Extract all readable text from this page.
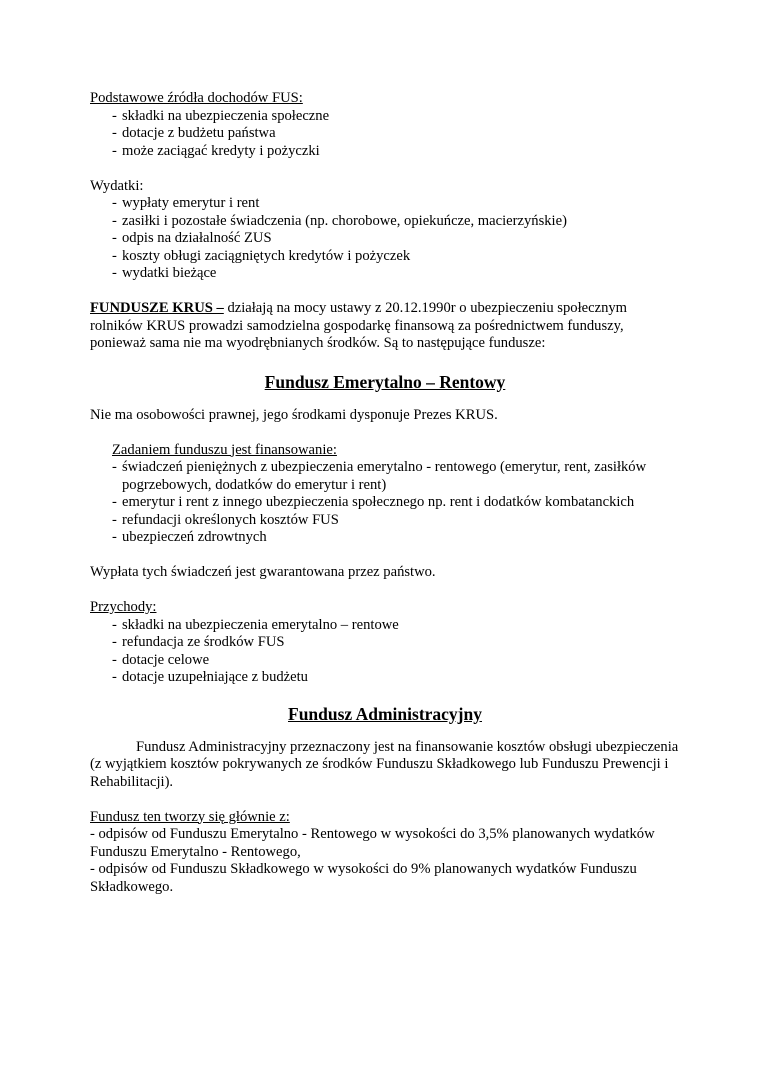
Podstawowe źródła dochodów FUS:

- składki na ubezpieczenia społeczne
- dotacje z budżetu państwa
- może zaciągać kredyty i pożyczki

Wydatki:

- wypłaty emerytur i rent
- zasiłki i pozostałe świadczenia (np. chorobowe, opiekuńcze, macierzyńskie)
- odpis na działalność ZUS
- koszty obługi zaciągniętych kredytów i pożyczek
- wydatki bieżące

FUNDUSZE KRUS – działają na mocy ustawy z 20.12.1990r o ubezpieczeniu społecznym rolników KRUS prowadzi samodzielna gospodarkę finansową za pośrednictwem funduszy, ponieważ sama nie ma wyodrębnianych środków. Są to następujące fundusze:

Fundusz Emerytalno – Rentowy

Nie ma osobowości prawnej, jego środkami dysponuje Prezes KRUS.

Zadaniem funduszu jest finansowanie:

- świadczeń pieniężnych z ubezpieczenia emerytalno - rentowego (emerytur, rent, zasiłków pogrzebowych, dodatków do emerytur i rent)
- emerytur i rent z innego ubezpieczenia społecznego np. rent i dodatków kombatanckich
- refundacji określonych kosztów FUS
- ubezpieczeń zdrowtnych

Wypłata tych świadczeń jest gwarantowana przez państwo.

Przychody:

- składki na ubezpieczenia emerytalno – rentowe
- refundacja ze środków FUS
- dotacje celowe
- dotacje uzupełniające z budżetu
Fundusz Administracyjny

Fundusz Administracyjny przeznaczony jest na finansowanie kosztów obsługi ubezpieczenia (z wyjątkiem kosztów pokrywanych ze środków Funduszu Składkowego lub Funduszu Prewencji i Rehabilitacji).

Fundusz ten tworzy się głównie z:

- odpisów od Funduszu Emerytalno - Rentowego w wysokości do 3,5% planowanych wydatków Funduszu Emerytalno - Rentowego,

- odpisów od Funduszu Składkowego w wysokości do 9% planowanych wydatków Funduszu Składkowego.
